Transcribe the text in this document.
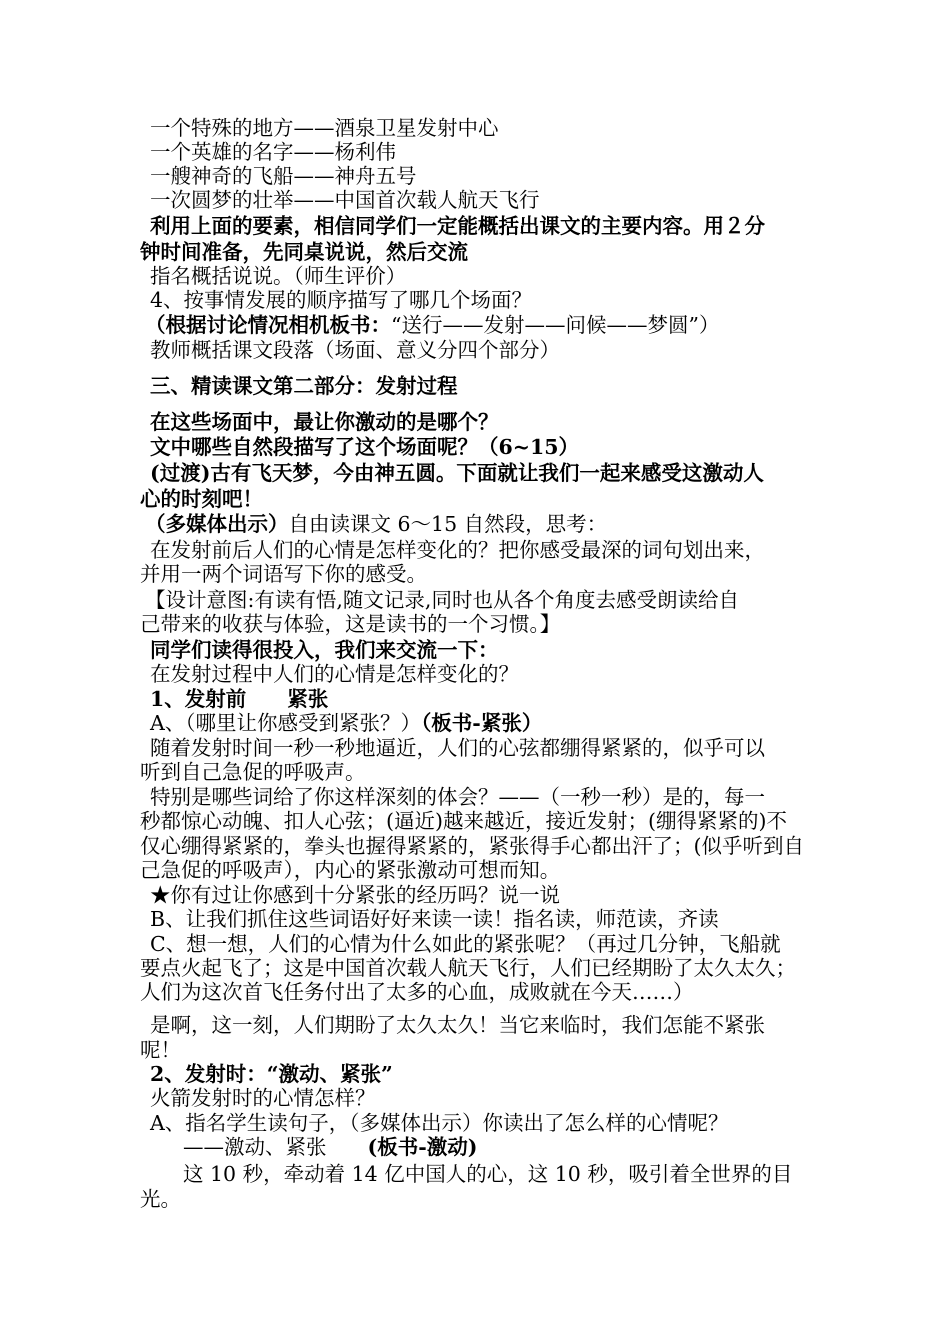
一个特殊的地方——酒泉卫星发射中心
一个英雄的名字——杨利伟
一艘神奇的飞船——神舟五号
一次圆梦的壮举——中国首次载人航天飞行
利用上面的要素，相信同学们一定能概括出课文的主要内容。用２分
钟时间准备，先同桌说说，然后交流
指名概括说说。（师生评价）
4、按事情发展的顺序描写了哪几个场面？
（根据讨论情况相机板书：“送行——发射——问候——梦圆”）
教师概括课文段落（场面、意义分四个部分）
三、精读课文第二部分：发射过程
在这些场面中，最让你激动的是哪个？
文中哪些自然段描写了这个场面呢？（6~15）
(过渡)古有飞天梦，今由神五圆。下面就让我们一起来感受这激动人
心的时刻吧！
（多媒体出示）自由读课文 6～15 自然段，思考：
在发射前后人们的心情是怎样变化的？把你感受最深的词句划出来，
并用一两个词语写下你的感受。
【设计意图:有读有悟,随文记录,同时也从各个角度去感受朗读给自
己带来的收获与体验，这是读书的一个习惯。】
同学们读得很投入，我们来交流一下：
在发射过程中人们的心情是怎样变化的？
1、发射前　　紧张
A、（哪里让你感受到紧张？）（板书-紧张）
随着发射时间一秒一秒地逼近，人们的心弦都绷得紧紧的，似乎可以
听到自己急促的呼吸声。
特别是哪些词给了你这样深刻的体会？——（一秒一秒）是的，每一
秒都惊心动魄、扣人心弦；(逼近)越来越近，接近发射；(绷得紧紧的)不
仅心绷得紧紧的，拳头也握得紧紧的，紧张得手心都出汗了；(似乎听到自
己急促的呼吸声），内心的紧张激动可想而知。
★你有过让你感到十分紧张的经历吗？说一说
B、让我们抓住这些词语好好来读一读！指名读，师范读，齐读
C、想一想，人们的心情为什么如此的紧张呢？（再过几分钟，飞船就
要点火起飞了；这是中国首次载人航天飞行，人们已经期盼了太久太久；
人们为这次首飞任务付出了太多的心血，成败就在今天……）
是啊，这一刻，人们期盼了太久太久！当它来临时，我们怎能不紧张
呢！
2、发射时：“激动、紧张”
火箭发射时的心情怎样？
A、指名学生读句子，（多媒体出示）你读出了怎么样的心情呢？
——激动、紧张　　(板书-激动)
这 10 秒，牵动着 14 亿中国人的心，这 10 秒，吸引着全世界的目
光。
